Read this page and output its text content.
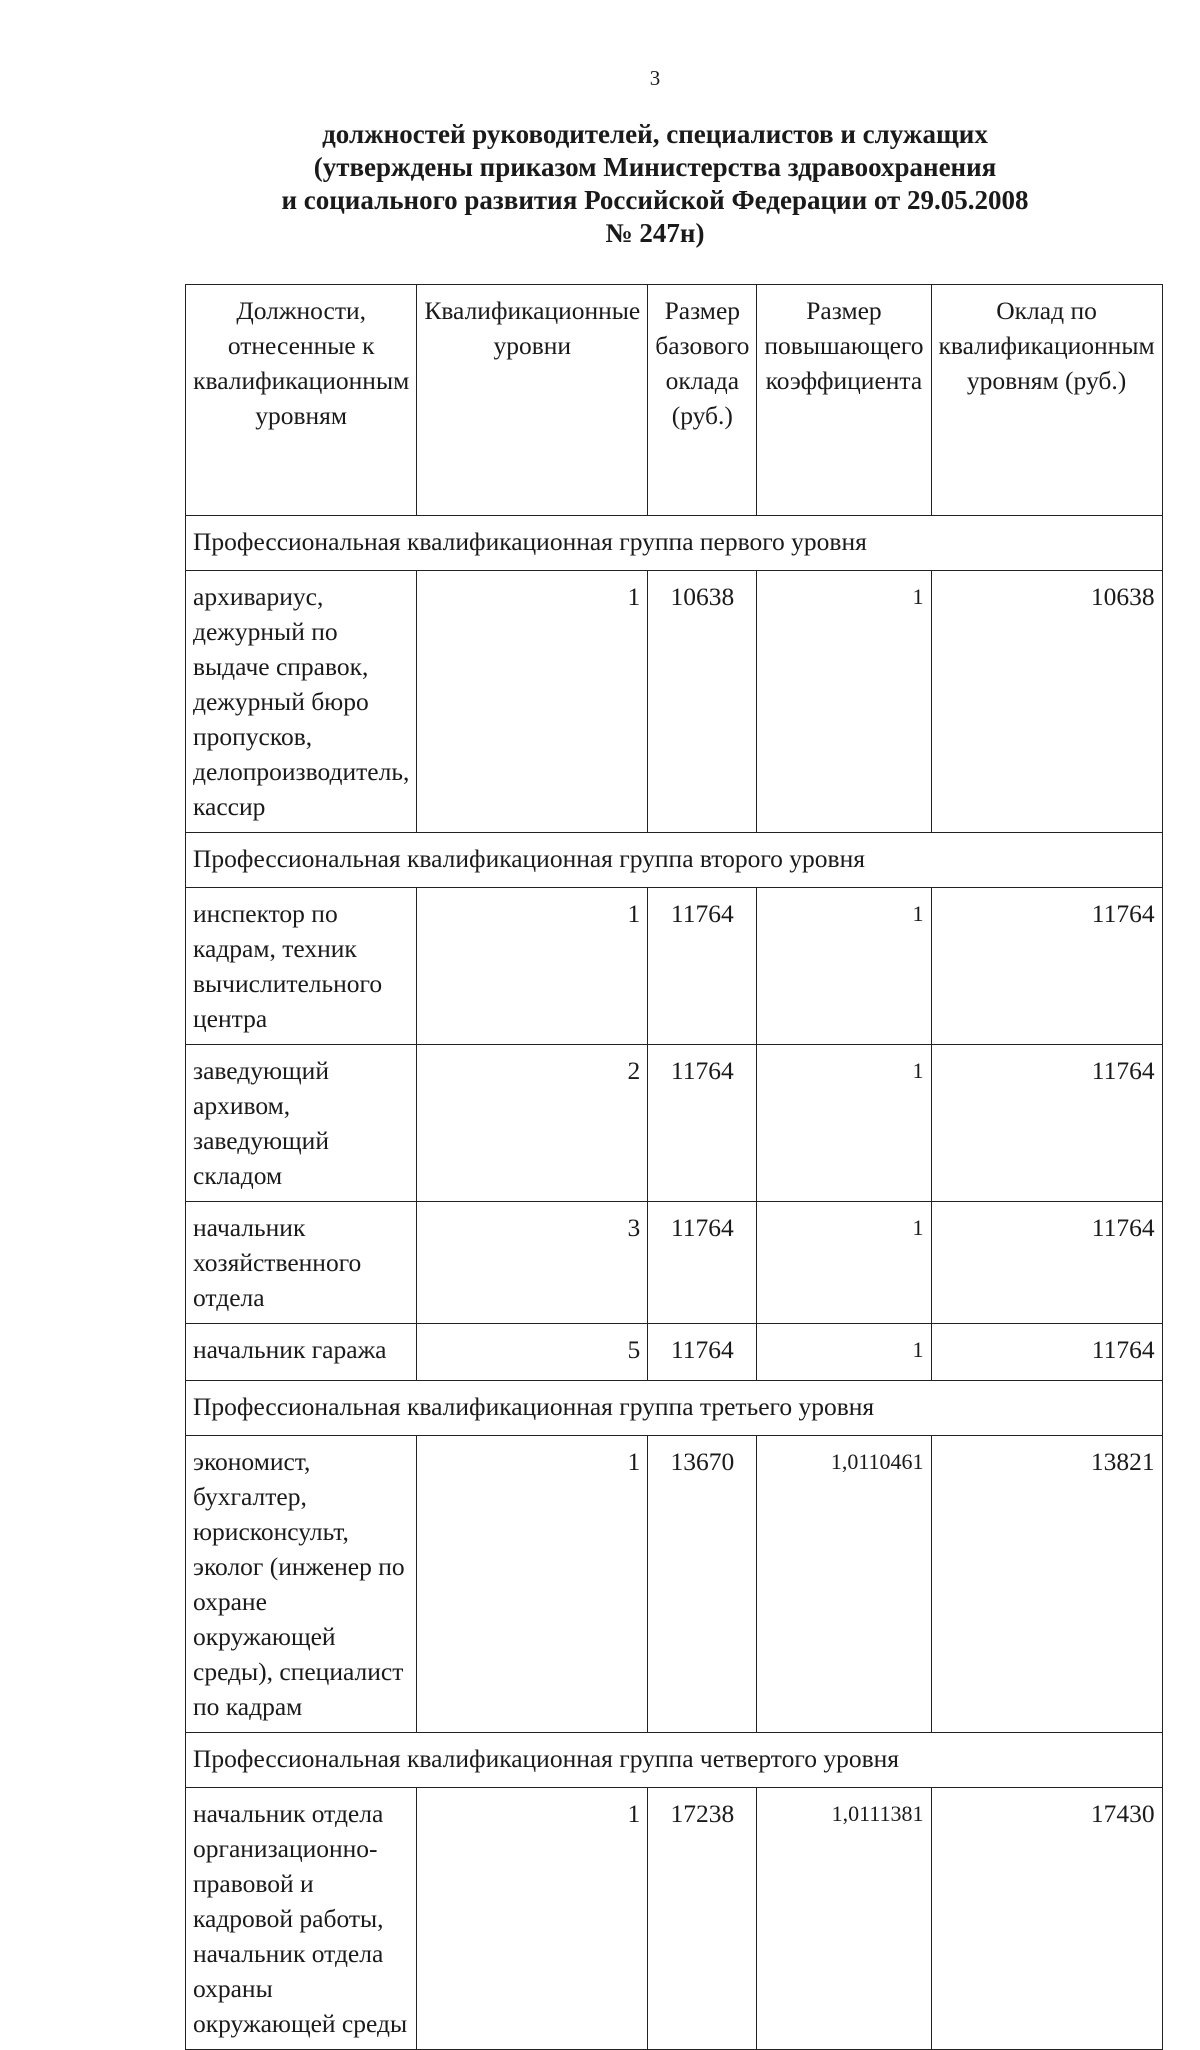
3
должностей руководителей, специалистов и служащих
(утверждены приказом Министерства здравоохранения
и социального развития Российской Федерации от 29.05.2008
№ 247н)
Должности, отнесенные к квалификационным уровням	Квалификационные уровни	Размер базового оклада (руб.)	Размер повышающего коэффициента	Оклад по квалификационным уровням (руб.)
Профессиональная квалификационная группа первого уровня				
архивариус, дежурный по выдаче справок, дежурный бюро пропусков, делопроизводитель, кассир	1	10638	1	10638
Профессиональная квалификационная группа второго уровня				
инспектор по кадрам, техник вычислительного центра	1	11764	1	11764
заведующий архивом, заведующий складом	2	11764	1	11764
начальник хозяйственного отдела	3	11764	1	11764
начальник гаража	5	11764	1	11764
Профессиональная квалификационная группа третьего уровня				
экономист, бухгалтер, юрисконсульт, эколог (инженер по охране окружающей среды), специалист по кадрам	1	13670	1,0110461	13821
Профессиональная квалификационная группа четвертого уровня				
начальник отдела организационно-правовой и кадровой работы, начальник отдела охраны окружающей среды	1	17238	1,0111381	17430
